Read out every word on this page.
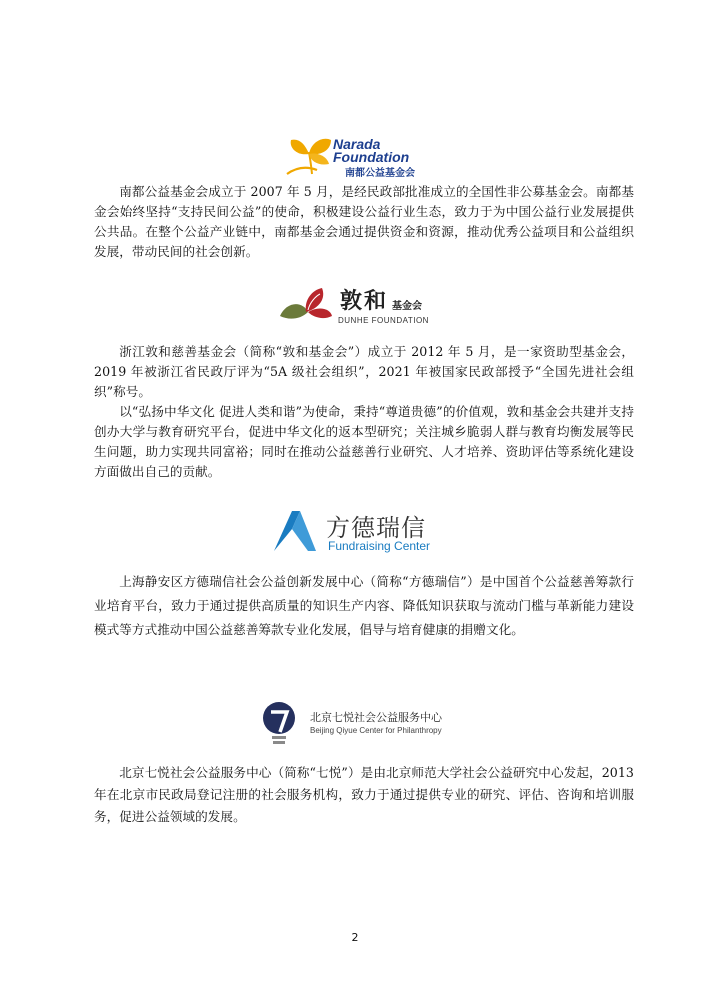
Narada
Foundation
南都公益基金会

南都公益基金会成立于 2007 年 5 月，是经民政部批准成立的全国性非公募基金会。南都基金会始终坚持“支持民间公益”的使命，积极建设公益行业生态，致力于为中国公益行业发展提供公共品。在整个公益产业链中，南都基金会通过提供资金和资源，推动优秀公益项目和公益组织发展，带动民间的社会创新。

敦和 基金会
DUNHE FOUNDATION

浙江敦和慈善基金会（简称“敦和基金会”）成立于 2012 年 5 月，是一家资助型基金会， 2019 年被浙江省民政厅评为“5A 级社会组织”，2021 年被国家民政部授予“全国先进社会组织”称号。

以“弘扬中华文化 促进人类和谐”为使命，秉持“尊道贵德”的价值观，敦和基金会共建并支持创办大学与教育研究平台，促进中华文化的返本型研究；关注城乡脆弱人群与教育均衡发展等民生问题，助力实现共同富裕；同时在推动公益慈善行业研究、人才培养、资助评估等系统化建设方面做出自己的贡献。

方德瑞信
Fundraising Center

上海静安区方德瑞信社会公益创新发展中心（简称“方德瑞信”）是中国首个公益慈善筹款行业培育平台，致力于通过提供高质量的知识生产内容、降低知识获取与流动门槛与革新能力建设模式等方式推动中国公益慈善筹款专业化发展，倡导与培育健康的捐赠文化。

北京七悦社会公益服务中心
Beijing Qiyue Center for Philanthropy

北京七悦社会公益服务中心（简称“七悦”）是由北京师范大学社会公益研究中心发起，2013 年在北京市民政局登记注册的社会服务机构，致力于通过提供专业的研究、评估、咨询和培训服务，促进公益领域的发展。

2
